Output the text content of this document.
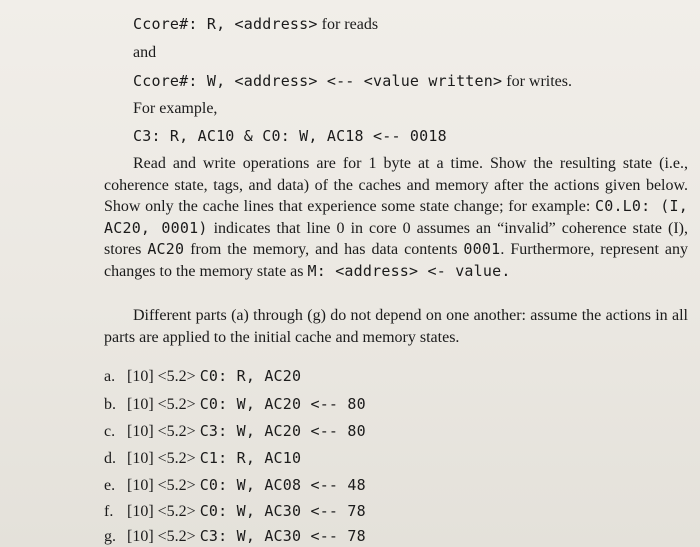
Ccore#: R, <address> for reads
and
Ccore#: W, <address> <-- <value written> for writes.
For example,
C3: R, AC10 & C0: W, AC18 <-- 0018
Read and write operations are for 1 byte at a time. Show the resulting state (i.e., coherence state, tags, and data) of the caches and memory after the actions given below. Show only the cache lines that experience some state change; for example: C0.L0: (I, AC20, 0001) indicates that line 0 in core 0 assumes an “invalid” coherence state (I), stores AC20 from the memory, and has data contents 0001. Furthermore, represent any changes to the memory state as M: <address> <- value.
Different parts (a) through (g) do not depend on one another: assume the actions in all parts are applied to the initial cache and memory states.
a. [10] <5.2> C0: R, AC20
b. [10] <5.2> C0: W, AC20 <-- 80
c. [10] <5.2> C3: W, AC20 <-- 80
d. [10] <5.2> C1: R, AC10
e. [10] <5.2> C0: W, AC08 <-- 48
f. [10] <5.2> C0: W, AC30 <-- 78
g. [10] <5.2> C3: W, AC30 <-- 78
